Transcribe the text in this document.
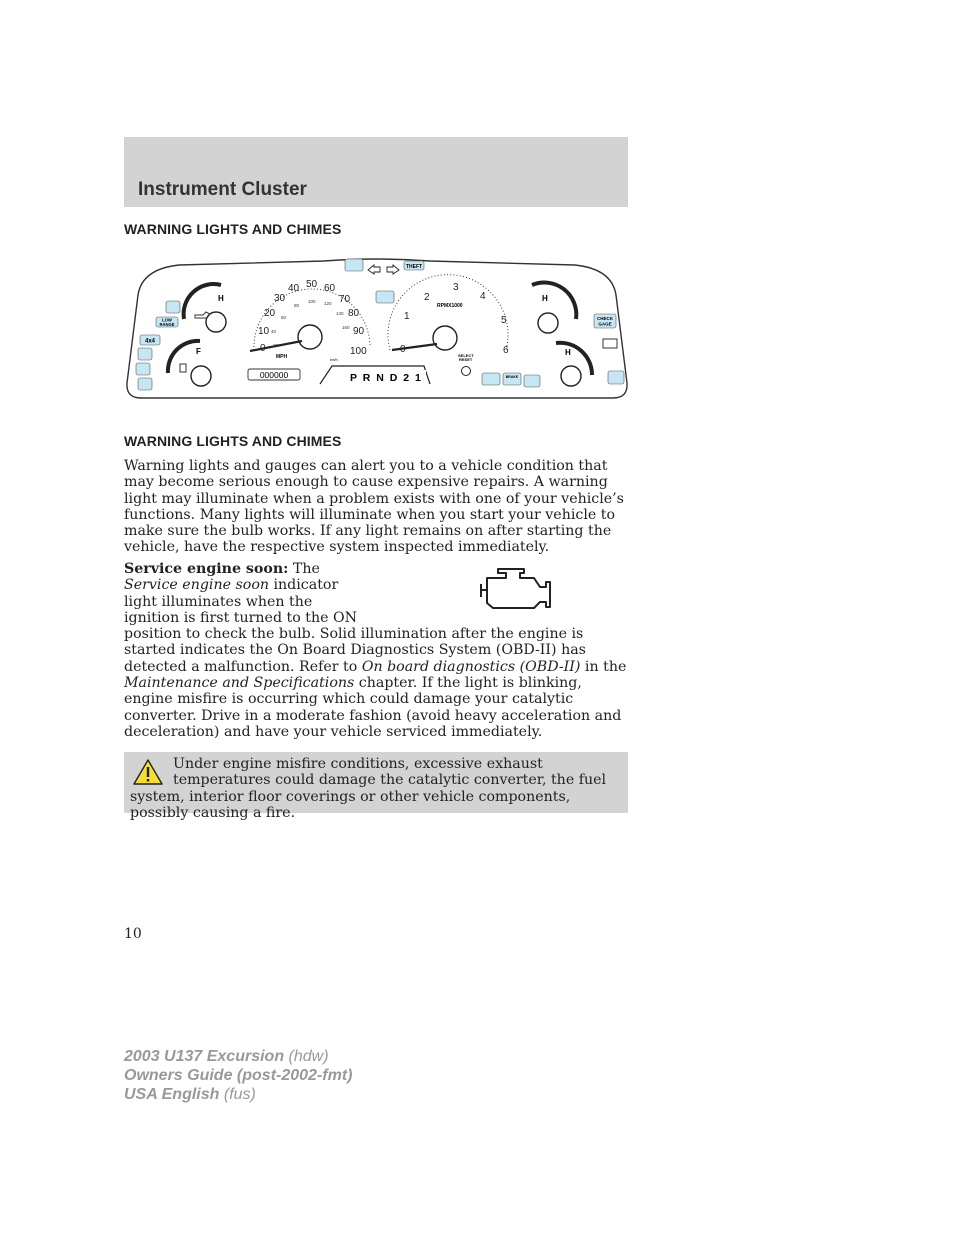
Instrument Cluster
WARNING LIGHTS AND CHIMES
H
F
LOW
RANGE
4x4
0
10
20
30
40 50 60
70
80
90
100
20
40
60
80
100 120
140
160
MPH	km/h
000000	P R N D 2 1
THEFT
0
1
2
3
4
5
6
RPMX1000
SELECT
RESET
BRAKE
H
CHECK
GAGE
H
WARNING LIGHTS AND CHIMES

Warning lights and gauges can alert you to a vehicle condition that may become serious enough to cause expensive repairs. A warning light may illuminate when a problem exists with one of your vehicle’s functions. Many lights will illuminate when you start your vehicle to make sure the bulb works. If any light remains on after starting the vehicle, have the respective system inspected immediately.

Service engine soon: The Service engine soon indicator light illuminates when the ignition is first turned to the ON position to check the bulb. Solid illumination after the engine is started indicates the On Board Diagnostics System (OBD-II) has detected a malfunction. Refer to On board diagnostics (OBD-II) in the Maintenance and Specifications chapter. If the light is blinking, engine misfire is occurring which could damage your catalytic converter. Drive in a moderate fashion (avoid heavy acceleration and deceleration) and have your vehicle serviced immediately.

Under engine misfire conditions, excessive exhaust temperatures could damage the catalytic converter, the fuel system, interior floor coverings or other vehicle components, possibly causing a fire.

10
2003 U137 Excursion (hdw)
Owners Guide (post-2002-fmt)
USA English (fus)
